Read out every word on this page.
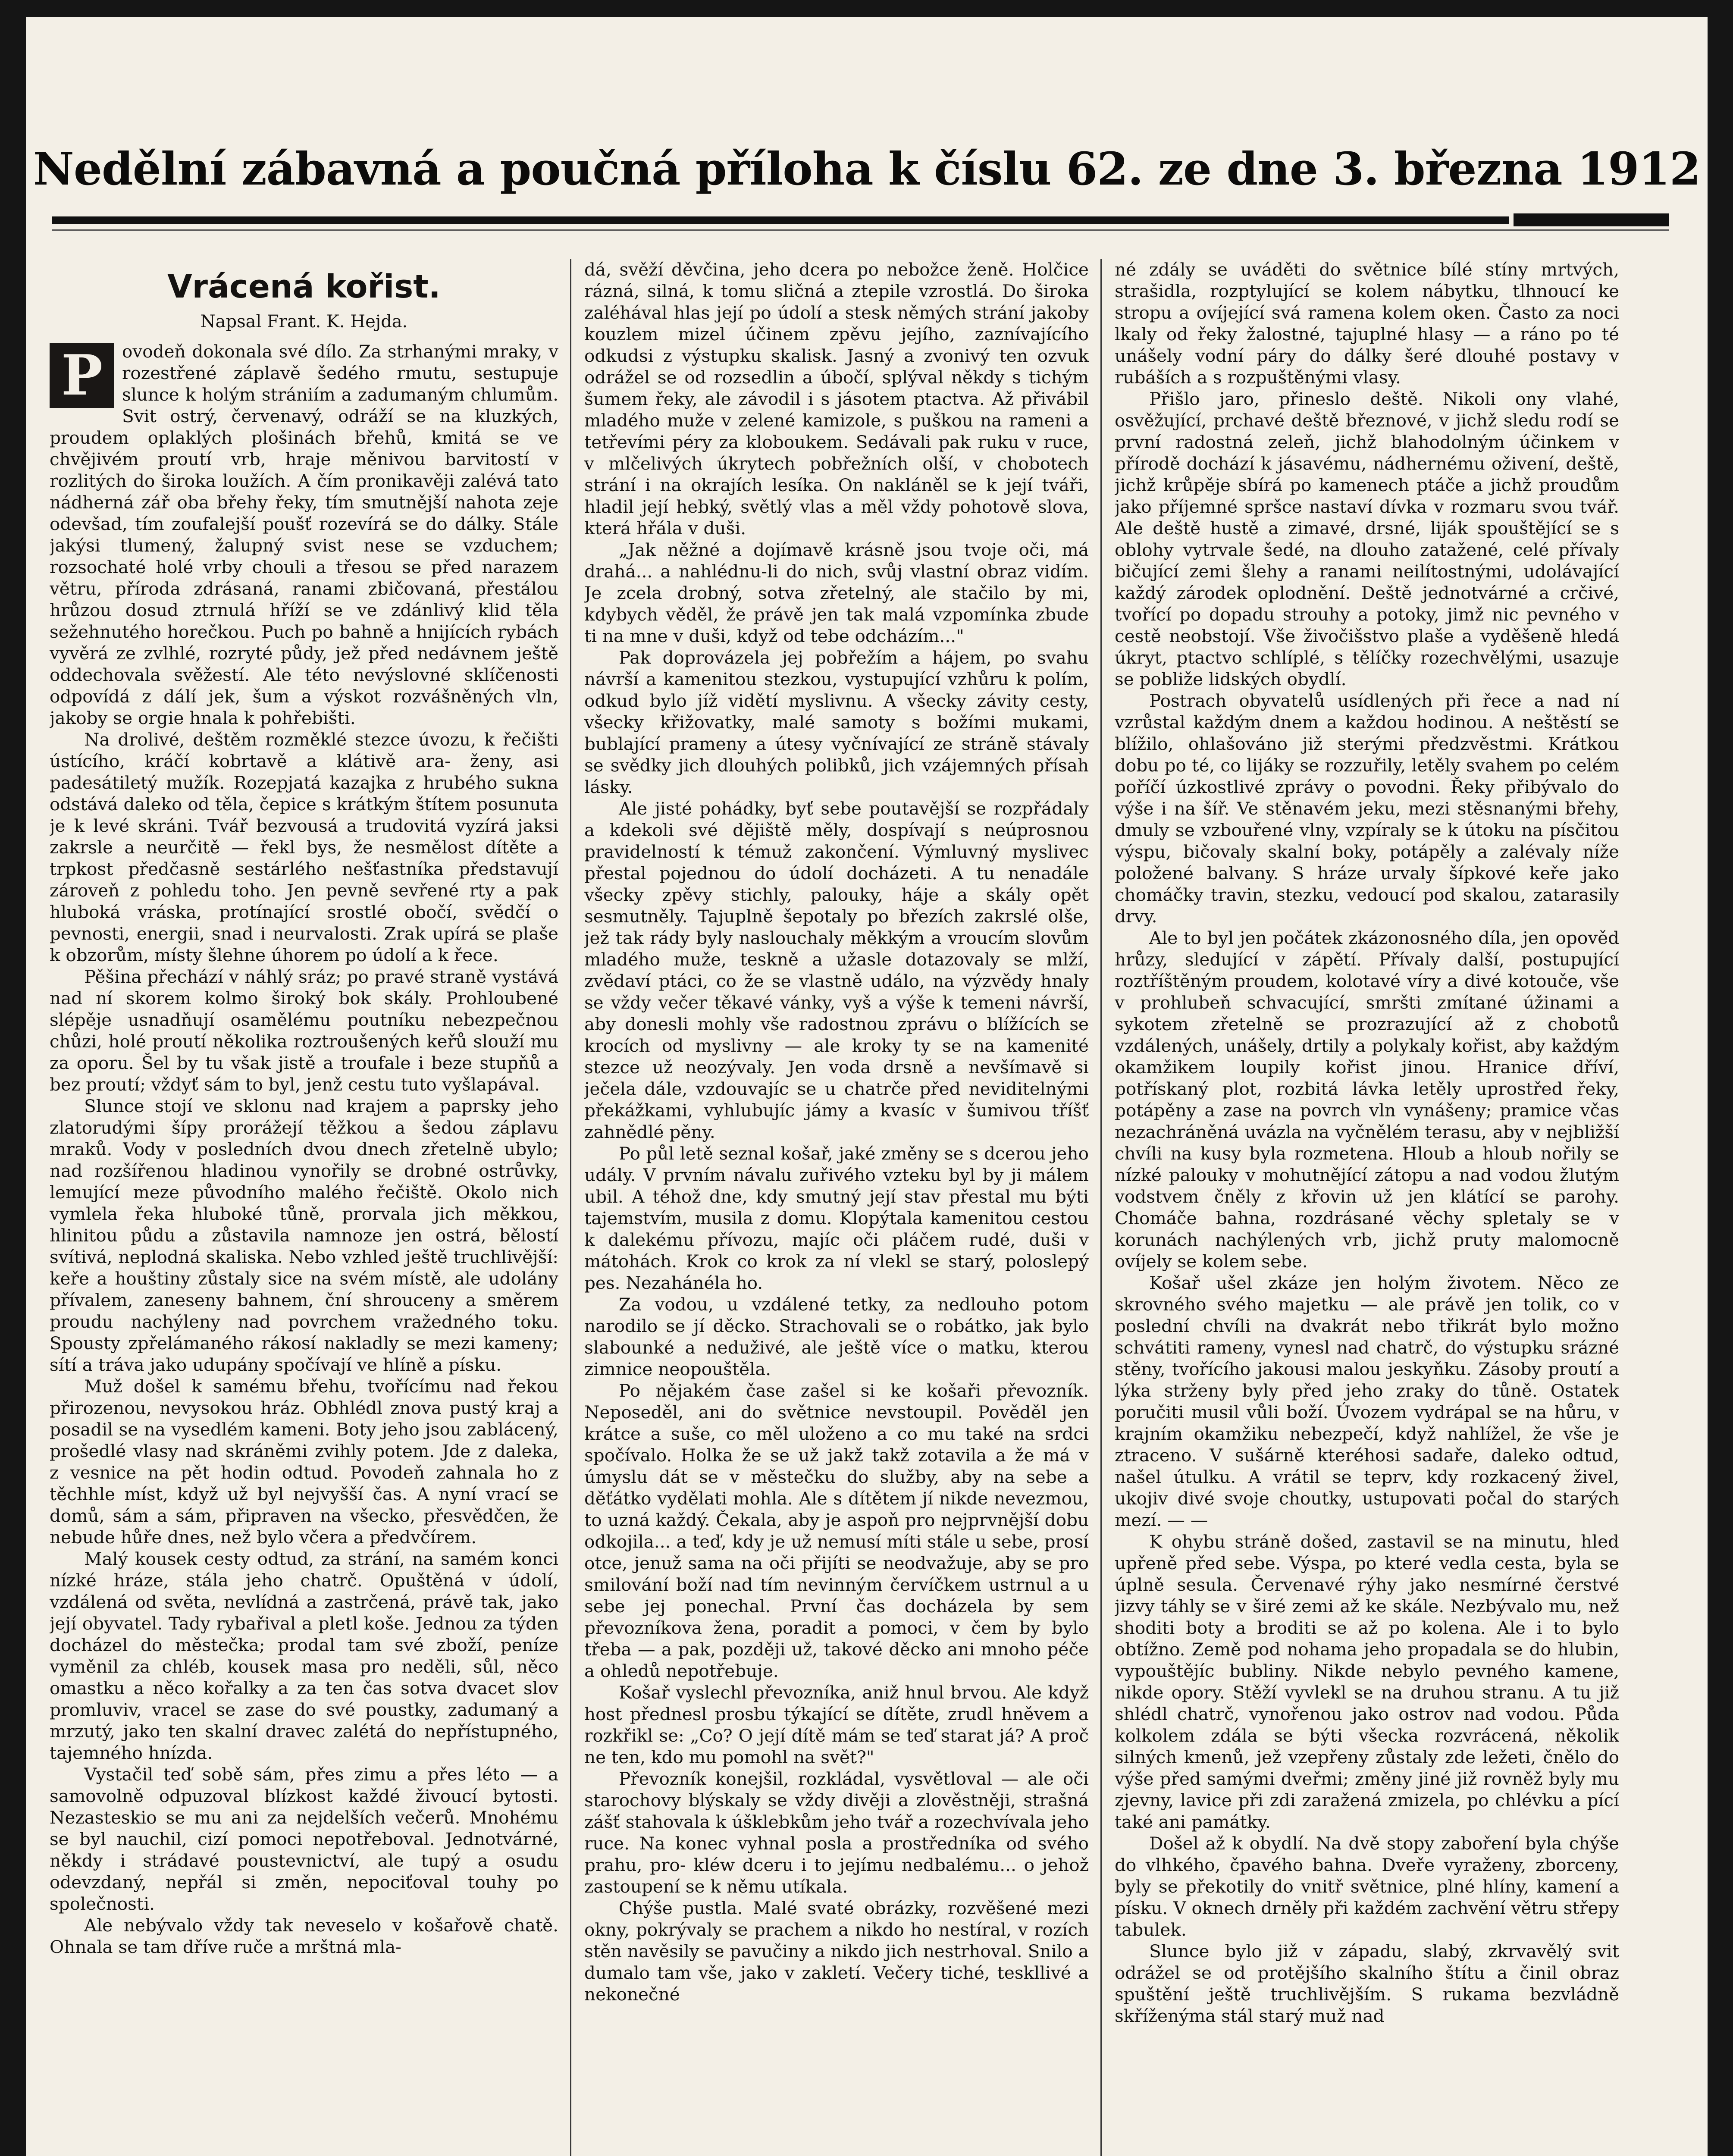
Nedělní zábavná a poučná příloha k číslu 62. ze dne 3. března 1912
Vrácená kořist.
Napsal Frant. K. Hejda.

P	ovodeň dokonala své dílo. Za strhanými mraky, v rozestřené záplavě šedého rmutu, sestupuje slunce k holým strániím a zadumaným chlumům. Svit ostrý, červenavý, odráží se na kluzkých, proudem oplaklých plošinách břehů, kmitá se ve chvějivém proutí vrb, hraje měnivou barvitostí v rozlitých do široka loužích. A čím pronikavěji zalévá tato nádherná zář oba břehy řeky, tím smutnější nahota zeje odevšad, tím zoufalejší poušť rozevírá se do dálky. Stále jakýsi tlumený, žalupný svist nese se vzduchem; rozsochaté holé vrby chouli a třesou se před narazem větru, příroda zdrásaná, ranami zbičovaná, přestálou hrůzou dosud ztrnulá hříží se ve zdánlivý klid těla sežehnutého horečkou. Puch po bahně a hnijících rybách vyvěrá ze zvlhlé, rozryté půdy, jež před nedávnem ještě oddechovala svěžestí. Ale této nevýslovné sklíčenosti odpovídá z dálí jek, šum a výskot rozvášněných vln, jakoby se orgie hnala k pohřebišti.

Na drolivé, deštěm rozměklé stezce úvozu, k řečišti ústícího, kráčí kobrtavě a klátivě ara- ženy, asi padesátiletý mužík. Rozepjatá kazajka z hrubého sukna odstává daleko od těla, čepice s krátkým štítem posunuta je k levé skráni. Tvář bezvousá a trudovitá vyzírá jaksi zakrsle a neurčitě — řekl bys, že nesmělost dítěte a trpkost předčasně sestárlého nešťastníka představují zároveň z pohledu toho. Jen pevně sevřené rty a pak hluboká vráska, protínající srostlé obočí, svědčí o pevnosti, energii, snad i neurvalosti. Zrak upírá se plaše k obzorům, místy šlehne úhorem po údolí a k řece.

Pěšina přechází v náhlý sráz; po pravé straně vystává nad ní skorem kolmo široký bok skály. Prohloubené slépěje usnadňují osamělému poutníku nebezpečnou chůzi, holé proutí několika roztroušených keřů slouží mu za oporu. Šel by tu však jistě a troufale i beze stupňů a bez proutí; vždyť sám to byl, jenž cestu tuto vyšlapával.

Slunce stojí ve sklonu nad krajem a paprsky jeho zlatorudými šípy prorážejí těžkou a šedou záplavu mraků. Vody v posledních dvou dnech zřetelně ubylo; nad rozšířenou hladinou vynořily se drobné ostrůvky, lemující meze původního malého řečiště. Okolo nich vymlela řeka hluboké tůně, prorvala jich měkkou, hlinitou půdu a zůstavila namnoze jen ostrá, bělostí svítivá, neplodná skaliska. Nebo vzhled ještě truchlivější: keře a houštiny zůstaly sice na svém místě, ale udolány přívalem, zaneseny bahnem, ční shrouceny a směrem proudu nachýleny nad povrchem vražedného toku. Spousty zpřelámaného rákosí nakladly se mezi kameny; sítí a tráva jako udupány spočívají ve hlíně a písku.

Muž došel k samému břehu, tvořícímu nad řekou přirozenou, nevysokou hráz. Obhlédl znova pustý kraj a posadil se na vysedlém kameni. Boty jeho jsou zablácený, prošedlé vlasy nad skráněmi zvihly potem. Jde z daleka, z vesnice na pět hodin odtud. Povodeň zahnala ho z těchhle míst, když už byl nejvyšší čas. A nyní vrací se domů, sám a sám, připraven na všecko, přesvědčen, že nebude hůře dnes, než bylo včera a předvčírem.

Malý kousek cesty odtud, za strání, na samém konci nízké hráze, stála jeho chatrč. Opuštěná v údolí, vzdálená od světa, nevlídná a zastrčená, právě tak, jako její obyvatel. Tady rybařival a pletl koše. Jednou za týden docházel do městečka; prodal tam své zboží, peníze vyměnil za chléb, kousek masa pro neděli, sůl, něco omastku a něco kořalky a za ten čas sotva dvacet slov promluviv, vracel se zase do své poustky, zadumaný a mrzutý, jako ten skalní dravec zalétá do nepřístupného, tajemného hnízda.

Vystačil teď sobě sám, přes zimu a přes léto — a samovolně odpuzoval blízkost každé živoucí bytosti. Nezasteskio se mu ani za nejdelších večerů. Mnohému se byl nauchil, cizí pomoci nepotřeboval. Jednotvárné, někdy i strádavé poustevnictví, ale tupý a osudu odevzdaný, nepřál si změn, nepociťoval touhy po společnosti.

Ale nebývalo vždy tak neveselo v košařově chatě. Ohnala se tam dříve ruče a mrštná mla-

dá, svěží děvčina, jeho dcera po nebožce ženě. Holčice rázná, silná, k tomu sličná a ztepile vzrostlá. Do široka zaléhával hlas její po údolí a stesk němých strání jakoby kouzlem mizel účinem zpěvu jejího, zaznívajícího odkudsi z výstupku skalisk. Jasný a zvonivý ten ozvuk odrážel se od rozsedlin a úbočí, splýval někdy s tichým šumem řeky, ale závodil i s jásotem ptactva. Až přivábil mladého muže v zelené kamizole, s puškou na rameni a tetřevími péry za kloboukem. Sedávali pak ruku v ruce, v mlčelivých úkrytech pobřežních olší, v chobotech strání i na okrajích lesíka. On nakláněl se k její tváři, hladil její hebký, světlý vlas a měl vždy pohotově slova, která hřála v duši.

„Jak něžné a dojímavě krásně jsou tvoje oči, má drahá... a nahlédnu-li do nich, svůj vlastní obraz vidím. Je zcela drobný, sotva zřetelný, ale stačilo by mi, kdybych věděl, že právě jen tak malá vzpomínka zbude ti na mne v duši, když od tebe odcházím..."

Pak doprovázela jej pobřežím a hájem, po svahu návrší a kamenitou stezkou, vystupující vzhůru k polím, odkud bylo jíž vidětí myslivnu. A všecky závity cesty, všecky křižovatky, malé samoty s božími mukami, bublající prameny a útesy vyčnívající ze stráně stávaly se svědky jich dlouhých polibků, jich vzájemných přísah lásky.

Ale jisté pohádky, byť sebe poutavější se rozpřádaly a kdekoli své dějiště měly, dospívají s neúprosnou pravidelností k témuž zakončení. Výmluvný myslivec přestal pojednou do údolí docházeti. A tu nenadále všecky zpěvy stichly, palouky, háje a skály opět sesmutněly. Tajuplně šepotaly po březích zakrslé olše, jež tak rády byly naslouchaly měkkým a vroucím slovům mladého muže, teskně a užasle dotazovaly se mlží, zvědaví ptáci, co že se vlastně událo, na výzvědy hnaly se vždy večer těkavé vánky, vyš a výše k temeni návrší, aby donesli mohly vše radostnou zprávu o blížících se krocích od myslivny — ale kroky ty se na kamenité stezce už neozývaly. Jen voda drsně a nevšímavě si ječela dále, vzdouvajíc se u chatrče před neviditelnými překážkami, vyhlubujíc jámy a kvasíc v šumivou tříšť zahnědlé pěny.

Po půl letě seznal košař, jaké změny se s dcerou jeho udály. V prvním návalu zuřivého vzteku byl by ji málem ubil. A téhož dne, kdy smutný její stav přestal mu býti tajemstvím, musila z domu. Klopýtala kamenitou cestou k dalekému přívozu, majíc oči pláčem rudé, duši v mátohách. Krok co krok za ní vlekl se starý, poloslepý pes. Nezahánéla ho.

Za vodou, u vzdálené tetky, za nedlouho potom narodilo se jí děcko. Strachovali se o robátko, jak bylo slabounké a neduživé, ale ještě více o matku, kterou zimnice neopouštěla.

Po nějakém čase zašel si ke košaři převozník. Neposeděl, ani do světnice nevstoupil. Pověděl jen krátce a suše, co měl uloženo a co mu také na srdci spočívalo. Holka že se už jakž takž zotavila a že má v úmyslu dát se v městečku do služby, aby na sebe a děťátko vydělati mohla. Ale s dítětem jí nikde nevezmou, to uzná každý. Čekala, aby je aspoň pro nejprvnější dobu odkojila... a teď, kdy je už nemusí míti stále u sebe, prosí otce, jenuž sama na oči přijíti se neodvažuje, aby se pro smilování boží nad tím nevinným červíčkem ustrnul a u sebe jej ponechal. První čas docházela by sem převozníkova žena, poradit a pomoci, v čem by bylo třeba — a pak, později už, takové děcko ani mnoho péče a ohledů nepotřebuje.

Košař vyslechl převozníka, aniž hnul brvou. Ale když host přednesl prosbu týkající se dítěte, zrudl hněvem a rozkřikl se: „Co? O její dítě mám se teď starat já? A proč ne ten, kdo mu pomohl na svět?"

Převozník konejšil, rozkládal, vysvětloval — ale oči starochovy blýskaly se vždy divěji a zlověstněji, strašná zášť stahovala k úšklebkům jeho tvář a rozechvívala jeho ruce. Na konec vyhnal posla a prostředníka od svého prahu, pro- kléw dceru i to jejímu nedbalému... o jehož zastoupení se k němu utíkala.

Chýše pustla. Malé svaté obrázky, rozvěšené mezi okny, pokrývaly se prachem a nikdo ho nestíral, v rozích stěn navěsily se pavučiny a nikdo jich nestrhoval. Snilo a dumalo tam vše, jako v zakletí. Večery tiché, teskllivé a nekonečné

né zdály se uváděti do světnice bílé stíny mrtvých, strašidla, rozptylující se kolem nábytku, tlhnoucí ke stropu a ovíjející svá ramena kolem oken. Často za noci lkaly od řeky žalostné, tajuplné hlasy — a ráno po té unášely vodní páry do dálky šeré dlouhé postavy v rubáších a s rozpuštěnými vlasy.

Přišlo jaro, přineslo deště. Nikoli ony vlahé, osvěžující, prchavé deště březnové, v jichž sledu rodí se první radostná zeleň, jichž blahodolným účinkem v přírodě dochází k jásavému, nádhernému oživení, deště, jichž krůpěje sbírá po kamenech ptáče a jichž proudům jako příjemné spršce nastaví dívka v rozmaru svou tvář. Ale deště hustě a zimavé, drsné, liják spouštějící se s oblohy vytrvale šedé, na dlouho zatažené, celé přívaly bičující zemi šlehy a ranami neilítostnými, udolávající každý zárodek oplodnění. Deště jednotvárné a crčivé, tvořící po dopadu strouhy a potoky, jimž nic pevného v cestě neobstojí. Vše živočišstvo plaše a vyděšeně hledá úkryt, ptactvo schlíplé, s tělíčky rozechvělými, usazuje se pobliže lidských obydlí.

Postrach obyvatelů usídlených při řece a nad ní vzrůstal každým dnem a každou hodinou. A neštěstí se blížilo, ohlašováno již sterými předzvěstmi. Krátkou dobu po té, co lijáky se rozzuřily, letěly svahem po celém poříčí úzkostlivé zprávy o povodni. Řeky přibývalo do výše i na šíř. Ve stěnavém jeku, mezi stěsnanými břehy, dmuly se vzbouřené vlny, vzpíraly se k útoku na písčitou výspu, bičovaly skalní boky, potápěly a zalévaly níže položené balvany. S hráze urvaly šípkové keře jako chomáčky travin, stezku, vedoucí pod skalou, zatarasily drvy.

Ale to byl jen počátek zkázonosného díla, jen opověď hrůzy, sledující v zápětí. Přívaly další, postupující roztříštěným proudem, kolotavé víry a divé kotouče, vše v prohlubeň schvacující, smršti zmítané úžinami a sykotem zřetelně se prozrazující až z chobotů vzdálených, unášely, drtily a polykaly kořist, aby každým okamžikem loupily kořist jinou. Hranice dříví, potřískaný plot, rozbitá lávka letěly uprostřed řeky, potápěny a zase na povrch vln vynášeny; pramice včas nezachráněná uvázla na vyčnělém terasu, aby v nejbližší chvíli na kusy byla rozmetena. Hloub a hloub nořily se nízké palouky v mohutnějící zátopu a nad vodou žlutým vodstvem čněly z křovin už jen klátící se parohy. Chomáče bahna, rozdrásané věchy spletaly se v korunách nachýlených vrb, jichž pruty malomocně ovíjely se kolem sebe.

Košař ušel zkáze jen holým životem. Něco ze skrovného svého majetku — ale právě jen tolik, co v poslední chvíli na dvakrát nebo třikrát bylo možno schvátiti rameny, vynesl nad chatrč, do výstupku srázné stěny, tvořícího jakousi malou jeskyňku. Zásoby proutí a lýka strženy byly před jeho zraky do tůně. Ostatek poručiti musil vůli boží. Úvozem vydrápal se na hůru, v krajním okamžiku nebezpečí, když nahlížel, že vše je ztraceno. V sušárně kteréhosi sadaře, daleko odtud, našel útulku. A vrátil se teprv, kdy rozkacený živel, ukojiv divé svoje choutky, ustupovati počal do starých mezí. — —

K ohybu stráně došed, zastavil se na minutu, hleď upřeně před sebe. Výspa, po které vedla cesta, byla se úplně sesula. Červenavé rýhy jako nesmírné čerstvé jizvy táhly se v širé zemi až ke skále. Nezbývalo mu, než shoditi boty a broditi se až po kolena. Ale i to bylo obtížno. Země pod nohama jeho propadala se do hlubin, vypouštějíc bubliny. Nikde nebylo pevného kamene, nikde opory. Stěží vyvlekl se na druhou stranu. A tu již shlédl chatrč, vynořenou jako ostrov nad vodou. Půda kolkolem zdála se býti všecka rozvrácená, několik silných kmenů, jež vzepřeny zůstaly zde ležeti, čnělo do výše před samými dveřmi; změny jiné již rovněž byly mu zjevny, lavice při zdi zaražená zmizela, po chlévku a pící také ani památky.

Došel až k obydlí. Na dvě stopy zaboření byla chýše do vlhkého, čpavého bahna. Dveře vyraženy, zborceny, byly se překotily do vnitř světnice, plné hlíny, kamení a písku. V oknech drněly při každém zachvění větru střepy tabulek.

Slunce bylo již v západu, slabý, zkrvavělý svit odrážel se od protějšího skalního štítu a činil obraz spuštění ještě truchlivějším. S rukama bezvládně skříženýma stál starý muž nad
